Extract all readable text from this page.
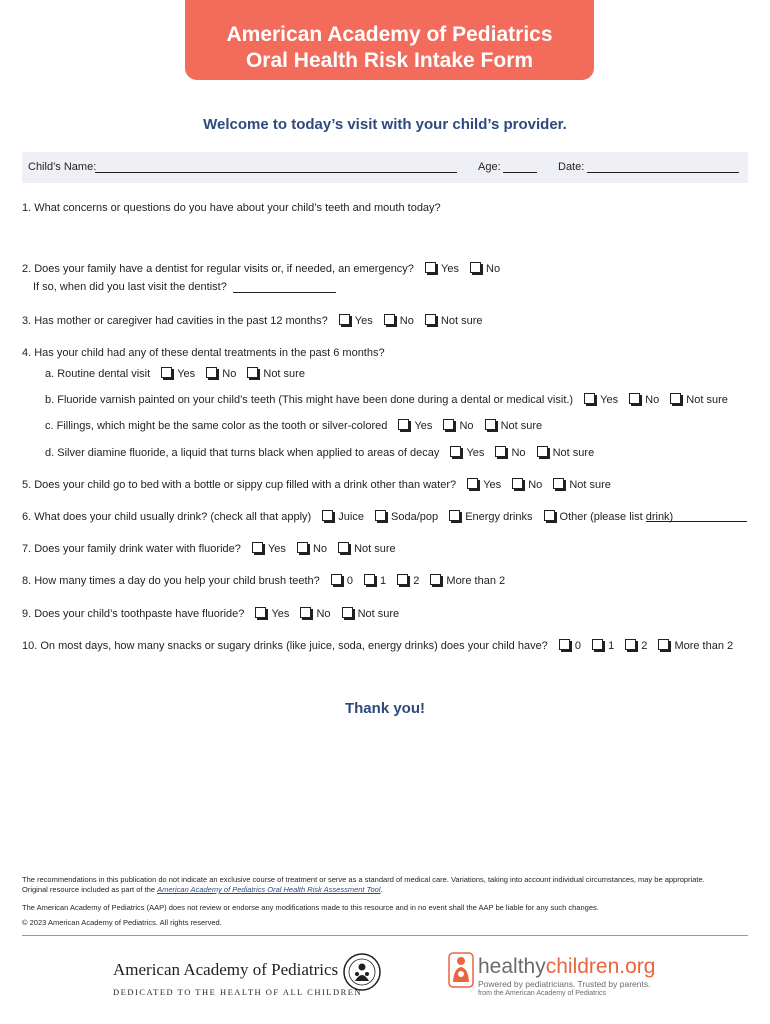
American Academy of Pediatrics
Oral Health Risk Intake Form
Welcome to today’s visit with your child’s provider.
Child’s Name:	Age:	Date:
1. What concerns or questions do you have about your child’s teeth and mouth today?
2. Does your family have a dentist for regular visits or, if needed, an emergency? Yes No
If so, when did you last visit the dentist?
3. Has mother or caregiver had cavities in the past 12 months? Yes No Not sure
4. Has your child had any of these dental treatments in the past 6 months?
a. Routine dental visit Yes No Not sure
b. Fluoride varnish painted on your child’s teeth (This might have been done during a dental or medical visit.) Yes No Not sure
c. Fillings, which might be the same color as the tooth or silver-colored Yes No Not sure
d. Silver diamine fluoride, a liquid that turns black when applied to areas of decay Yes No Not sure
5. Does your child go to bed with a bottle or sippy cup filled with a drink other than water? Yes No Not sure
6. What does your child usually drink? (check all that apply) Juice Soda/pop Energy drinks Other (please list drink)
7. Does your family drink water with fluoride? Yes No Not sure
8. How many times a day do you help your child brush teeth? 0 1 2 More than 2
9. Does your child’s toothpaste have fluoride? Yes No Not sure
10. On most days, how many snacks or sugary drinks (like juice, soda, energy drinks) does your child have? 0 1 2 More than 2
Thank you!
The recommendations in this publication do not indicate an exclusive course of treatment or serve as a standard of medical care. Variations, taking into account individual circumstances, may be appropriate.
Original resource included as part of the American Academy of Pediatrics Oral Health Risk Assessment Tool.
The American Academy of Pediatrics (AAP) does not review or endorse any modifications made to this resource and in no event shall the AAP be liable for any such changes.
© 2023 American Academy of Pediatrics. All rights reserved.
American Academy of Pediatrics
DEDICATED TO THE HEALTH OF ALL CHILDREN
healthychildren.org
Powered by pediatricians. Trusted by parents.
from the American Academy of Pediatrics
